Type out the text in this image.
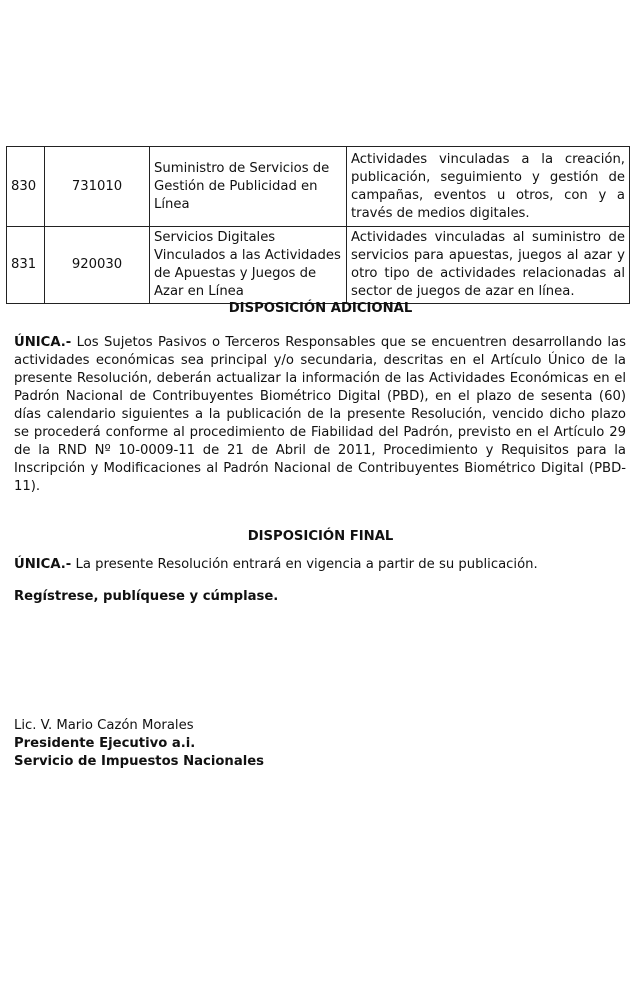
830	731010	Suministro de Servicios de Gestión de Publicidad en Línea	Actividades vinculadas a la creación, publicación, seguimiento y gestión de campañas, eventos u otros, con y a través de medios digitales.
831	920030	Servicios Digitales Vinculados a las Actividades de Apuestas y Juegos de Azar en Línea	Actividades vinculadas al suministro de servicios para apuestas, juegos al azar y otro tipo de actividades relacionadas al sector de juegos de azar en línea.
DISPOSICIÓN ADICIONAL
ÚNICA.- Los Sujetos Pasivos o Terceros Responsables que se encuentren desarrollando las actividades económicas sea principal y/o secundaria, descritas en el Artículo Único de la presente Resolución, deberán actualizar la información de las Actividades Económicas en el Padrón Nacional de Contribuyentes Biométrico Digital (PBD), en el plazo de sesenta (60) días calendario siguientes a la publicación de la presente Resolución, vencido dicho plazo se procederá conforme al procedimiento de Fiabilidad del Padrón, previsto en el Artículo 29 de la RND Nº 10-0009-11 de 21 de Abril de 2011, Procedimiento y Requisitos para la Inscripción y Modificaciones al Padrón Nacional de Contribuyentes Biométrico Digital (PBD-11).
DISPOSICIÓN FINAL
ÚNICA.- La presente Resolución entrará en vigencia a partir de su publicación.
Regístrese, publíquese y cúmplase.
Lic. V. Mario Cazón Morales
Presidente Ejecutivo a.i.
Servicio de Impuestos Nacionales
